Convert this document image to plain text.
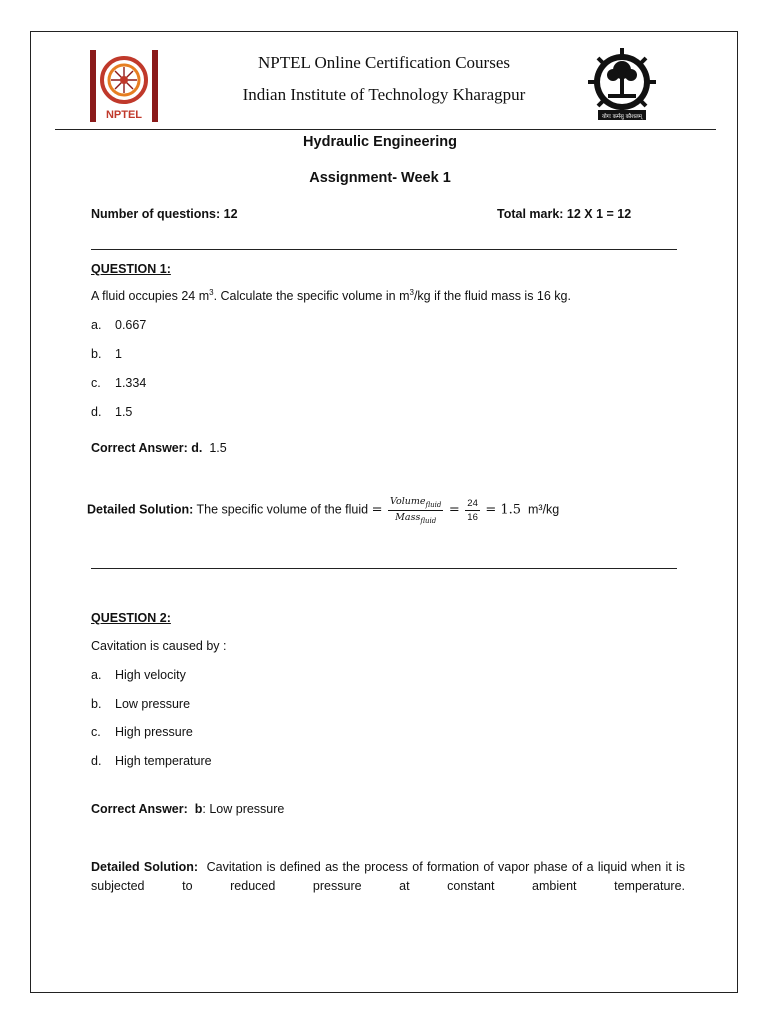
NPTEL	योगः कर्मसु कौशलम्
NPTEL Online Certification Courses
Indian Institute of Technology Kharagpur
Hydraulic Engineering
Assignment- Week 1
Number of questions: 12	Total mark: 12 X 1 = 12
QUESTION 1:
A fluid occupies 24 $m^3$. Calculate the specific volume in $m^3/kg$ if the fluid mass is 16 kg.
a. 0.667
b. 1
c. 1.334
d. 1.5
Correct Answer: d. 1.5
Detailed Solution: The specific volume of the fluid = $\frac{Volume_{fluid}}{Mass_{fluid}} = \frac{24}{16} = 1.5$ m³/kg
QUESTION 2:
Cavitation is caused by :
a. High velocity
b. Low pressure
c. High pressure
d. High temperature
Correct Answer: b: Low pressure
Detailed Solution: Cavitation is defined as the process of formation of vapor phase of a liquid when it is subjected to reduced pressure at constant ambient temperature.
